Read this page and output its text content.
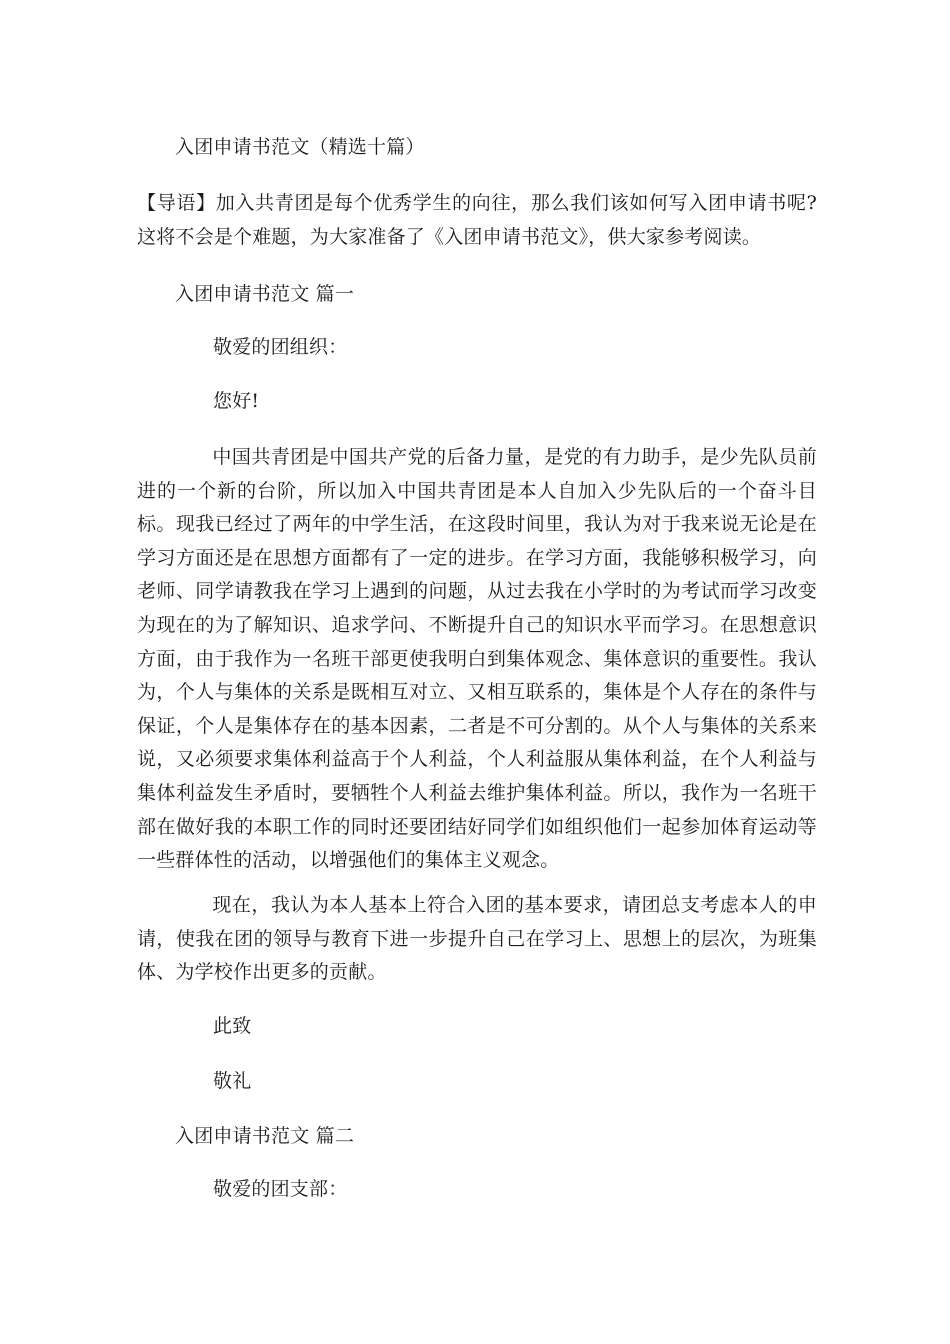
入团申请书范文（精选十篇）
【导语】加入共青团是每个优秀学生的向往，那么我们该如何写入团申请书呢?这将不会是个难题，为大家准备了《入团申请书范文》，供大家参考阅读。
入团申请书范文 篇一
敬爱的团组织：
您好!
中国共青团是中国共产党的后备力量，是党的有力助手，是少先队员前进的一个新的台阶，所以加入中国共青团是本人自加入少先队后的一个奋斗目标。现我已经过了两年的中学生活，在这段时间里，我认为对于我来说无论是在学习方面还是在思想方面都有了一定的进步。在学习方面，我能够积极学习，向老师、同学请教我在学习上遇到的问题，从过去我在小学时的为考试而学习改变为现在的为了解知识、追求学问、不断提升自己的知识水平而学习。在思想意识方面，由于我作为一名班干部更使我明白到集体观念、集体意识的重要性。我认为，个人与集体的关系是既相互对立、又相互联系的，集体是个人存在的条件与保证，个人是集体存在的基本因素，二者是不可分割的。从个人与集体的关系来说，又必须要求集体利益高于个人利益，个人利益服从集体利益，在个人利益与集体利益发生矛盾时，要牺牲个人利益去维护集体利益。所以，我作为一名班干部在做好我的本职工作的同时还要团结好同学们如组织他们一起参加体育运动等一些群体性的活动，以增强他们的集体主义观念。
现在，我认为本人基本上符合入团的基本要求，请团总支考虑本人的申请，使我在团的领导与教育下进一步提升自己在学习上、思想上的层次，为班集体、为学校作出更多的贡献。
此致
敬礼
入团申请书范文 篇二
敬爱的团支部：
